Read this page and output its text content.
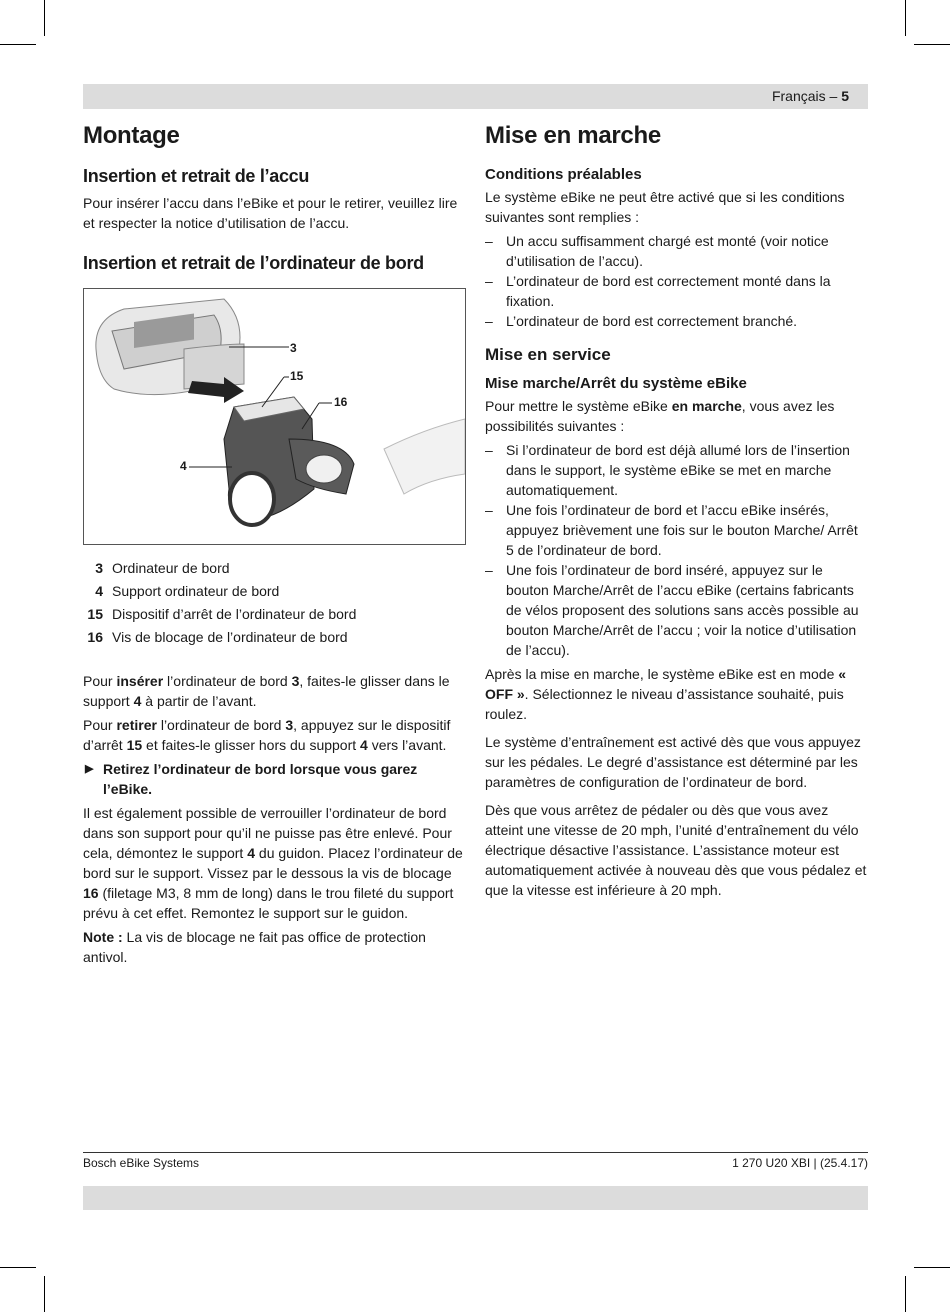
Français – 5
Montage
Insertion et retrait de l’accu

Pour insérer l’accu dans l’eBike et pour le retirer, veuillez lire et respecter la notice d’utilisation de l’accu.

Insertion et retrait de l’ordinateur de bord
3
15
16
4
3 Ordinateur de bord
4 Support ordinateur de bord
15 Dispositif d’arrêt de l’ordinateur de bord
16 Vis de blocage de l’ordinateur de bord

Pour insérer l’ordinateur de bord 3, faites-le glisser dans le support 4 à partir de l’avant.

Pour retirer l’ordinateur de bord 3, appuyez sur le dispositif d’arrêt 15 et faites-le glisser hors du support 4 vers l’avant.

▶ Retirez l’ordinateur de bord lorsque vous garez l’eBike.

Il est également possible de verrouiller l’ordinateur de bord dans son support pour qu’il ne puisse pas être enlevé. Pour cela, démontez le support 4 du guidon. Placez l’ordinateur de bord sur le support. Vissez par le dessous la vis de blocage 16 (filetage M3, 8 mm de long) dans le trou fileté du support prévu à cet effet. Remontez le support sur le guidon.

Note : La vis de blocage ne fait pas office de protection antivol.

Mise en marche
Conditions préalables

Le système eBike ne peut être activé que si les conditions suivantes sont remplies :

– Un accu suffisamment chargé est monté (voir notice d’utilisation de l’accu).
– L’ordinateur de bord est correctement monté dans la fixation.
– L’ordinateur de bord est correctement branché.
Mise en service
Mise marche/Arrêt du système eBike

Pour mettre le système eBike en marche, vous avez les possibilités suivantes :

– Si l’ordinateur de bord est déjà allumé lors de l’insertion dans le support, le système eBike se met en marche automatiquement.
– Une fois l’ordinateur de bord et l’accu eBike insérés, appuyez brièvement une fois sur le bouton Marche/ Arrêt 5 de l’ordinateur de bord.
– Une fois l’ordinateur de bord inséré, appuyez sur le bouton Marche/Arrêt de l’accu eBike (certains fabricants de vélos proposent des solutions sans accès possible au bouton Marche/Arrêt de l’accu ; voir la notice d’utilisation de l’accu).

Après la mise en marche, le système eBike est en mode « OFF ». Sélectionnez le niveau d’assistance souhaité, puis roulez.

Le système d’entraînement est activé dès que vous appuyez sur les pédales. Le degré d’assistance est déterminé par les paramètres de configuration de l’ordinateur de bord.

Dès que vous arrêtez de pédaler ou dès que vous avez atteint une vitesse de 20 mph, l’unité d’entraînement du vélo électrique désactive l’assistance. L’assistance moteur est automatiquement activée à nouveau dès que vous pédalez et que la vitesse est inférieure à 20 mph.

Bosch eBike Systems	1 270 U20 XBI | (25.4.17)
